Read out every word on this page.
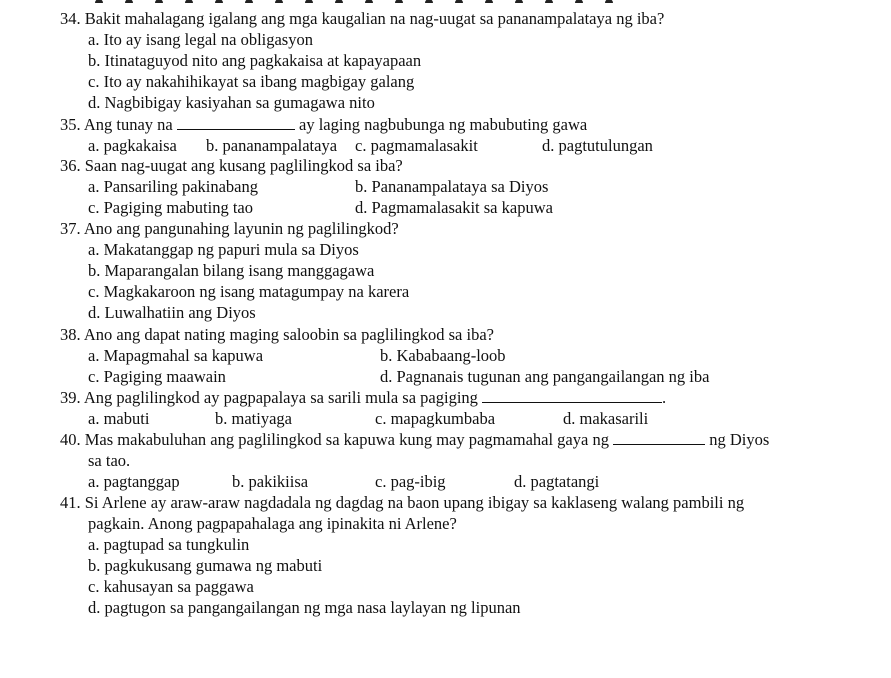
34. Bakit mahalagang igalang ang mga kaugalian na nag-uugat sa pananampalataya ng iba?
a. Ito ay isang legal na obligasyon
b. Itinataguyod nito ang pagkakaisa at kapayapaan
c. Ito ay nakahihikayat sa ibang magbigay galang
d. Nagbibigay kasiyahan sa gumagawa nito
35. Ang tunay na	ay laging nagbubunga ng mabubuting gawa
a. pagkakaisa b. pananampalataya c. pagmamalasakit	d. pagtutulungan
36. Saan nag-uugat ang kusang paglilingkod sa iba?
a. Pansariling pakinabang	b. Pananampalataya sa Diyos
c. Pagiging mabuting tao	d. Pagmamalasakit sa kapuwa
37. Ano ang pangunahing layunin ng paglilingkod?
a. Makatanggap ng papuri mula sa Diyos
b. Maparangalan bilang isang manggagawa
c. Magkakaroon ng isang matagumpay na karera
d. Luwalhatiin ang Diyos
38. Ano ang dapat nating maging saloobin sa paglilingkod sa iba?
a. Mapagmahal sa kapuwa	b. Kababaang-loob
c. Pagiging maawain	d. Pagnanais tugunan ang pangangailangan ng iba
39. Ang paglilingkod ay pagpapalaya sa sarili mula sa pagiging	.
a. mabuti	b. matiyaga	c. mapagkumbaba	d. makasarili
40. Mas makabuluhan ang paglilingkod sa kapuwa kung may pagmamahal gaya ng	ng Diyos
sa tao.
a. pagtanggap	b. pakikiisa	c. pag-ibig	d. pagtatangi
41. Si Arlene ay araw-araw nagdadala ng dagdag na baon upang ibigay sa kaklaseng walang pambili ng
pagkain. Anong pagpapahalaga ang ipinakita ni Arlene?
a. pagtupad sa tungkulin
b. pagkukusang gumawa ng mabuti
c. kahusayan sa paggawa
d. pagtugon sa pangangailangan ng mga nasa laylayan ng lipunan
